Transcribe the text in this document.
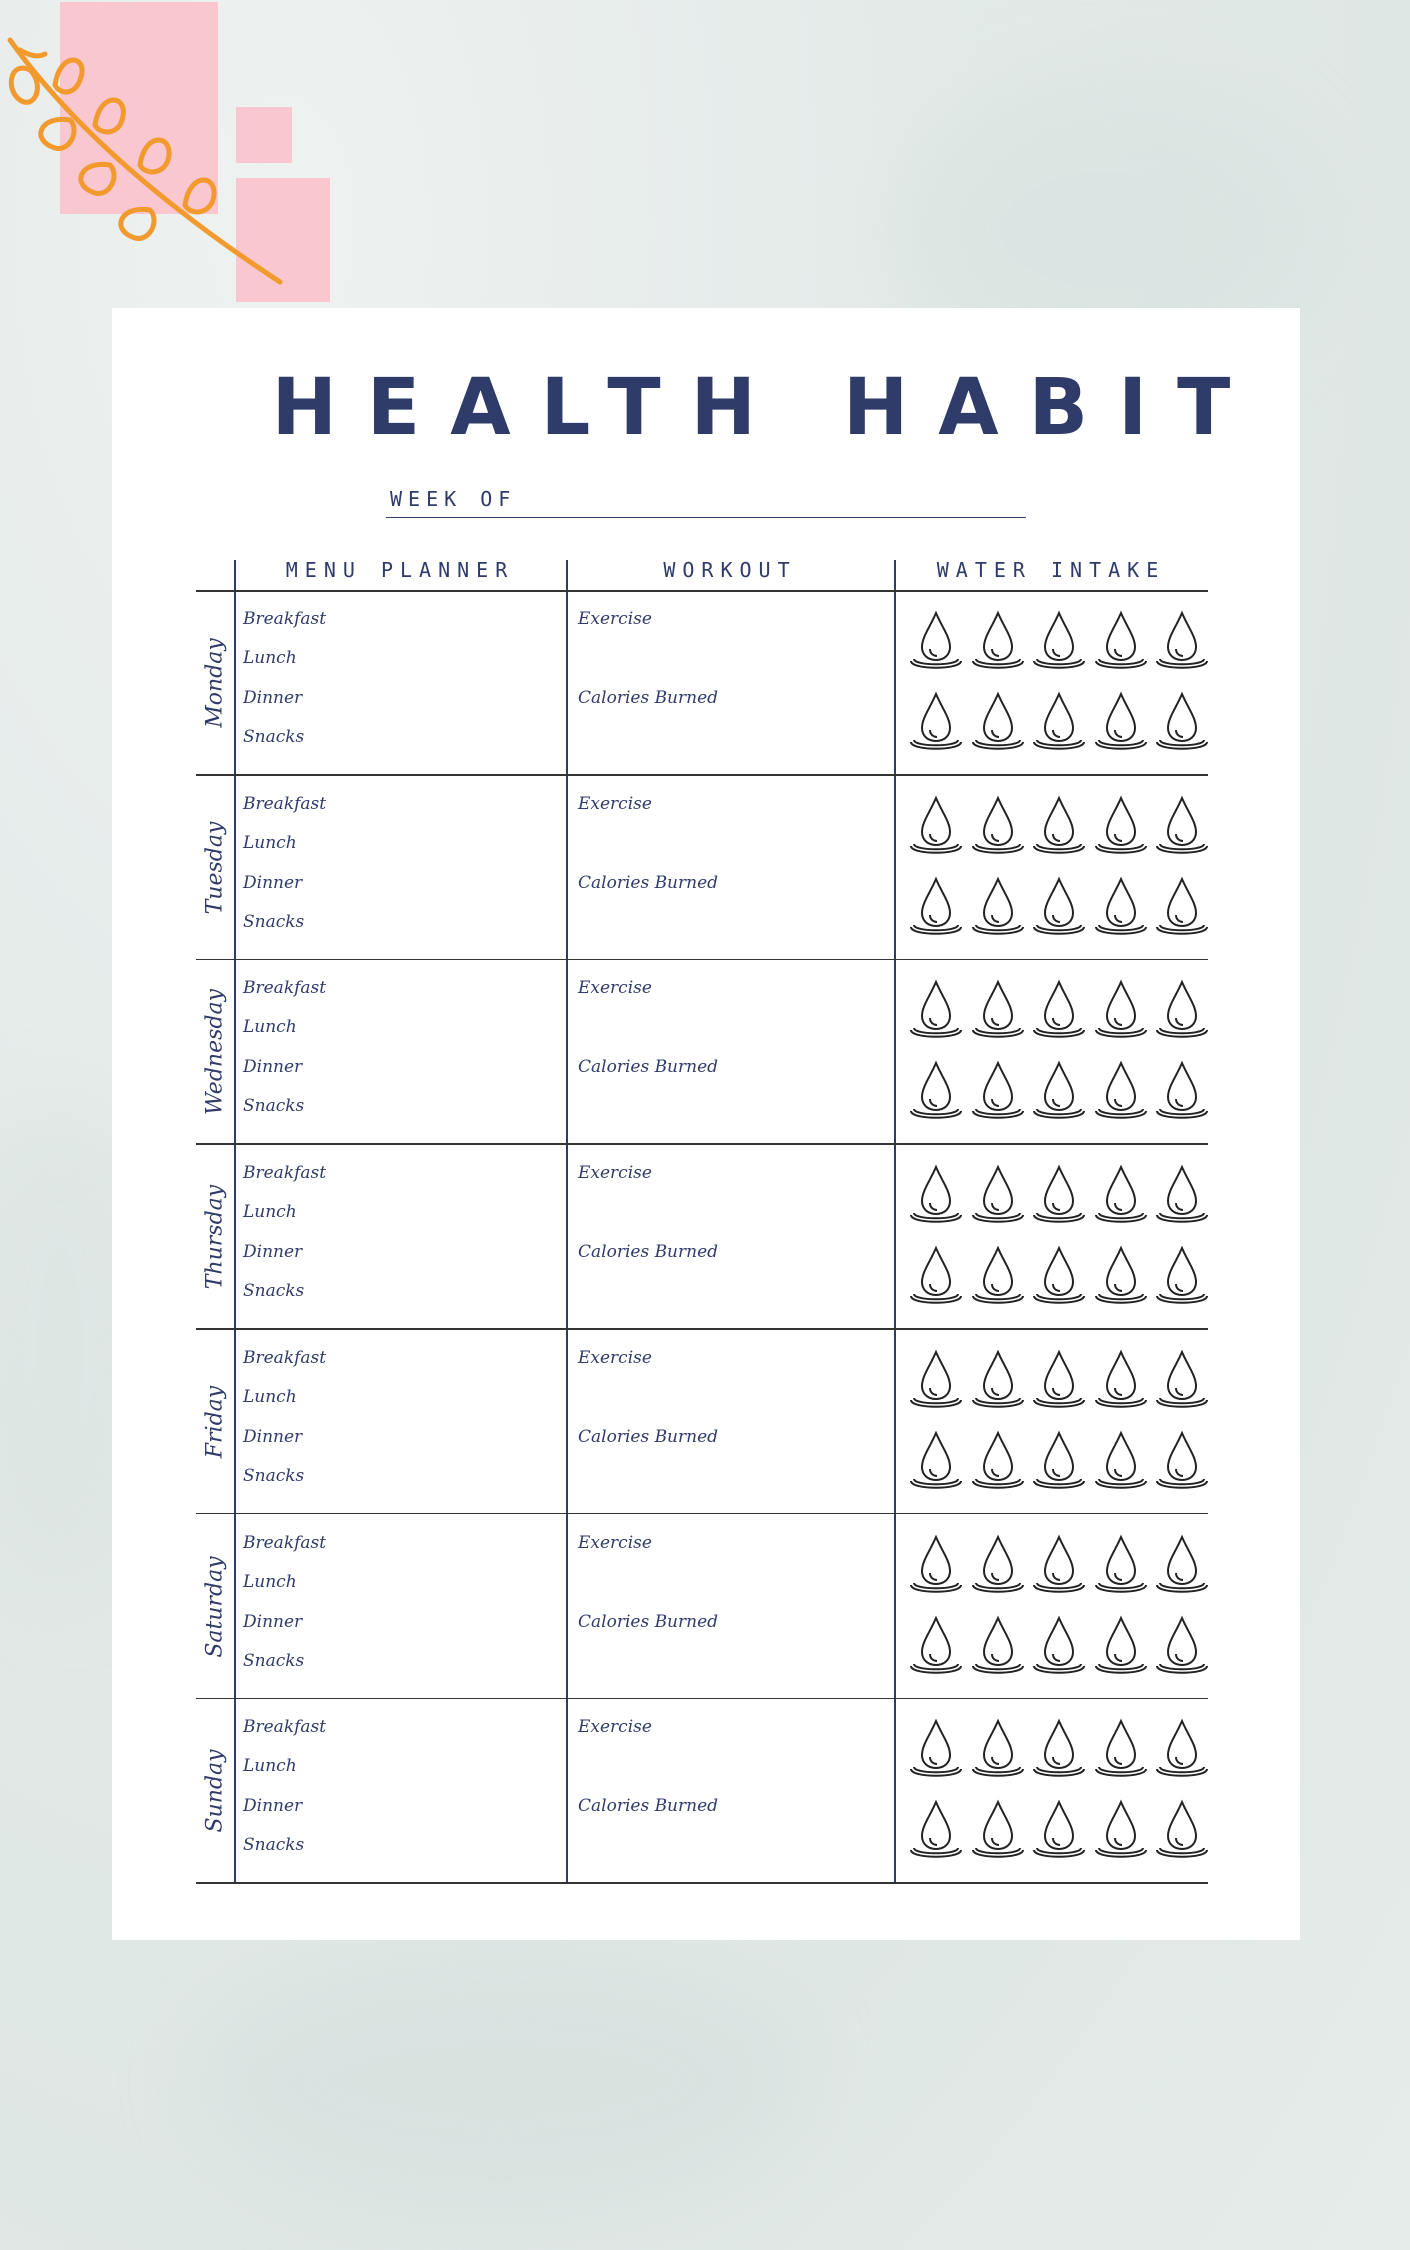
HEALTH HABIT
WEEK OF
MENU PLANNER	WORKOUT	WATER INTAKE
Monday
Breakfast
Lunch
Dinner
Snacks
Exercise
Calories Burned
Tuesday
Breakfast
Lunch
Dinner
Snacks
Exercise
Calories Burned
Wednesday
Breakfast
Lunch
Dinner
Snacks
Exercise
Calories Burned
Thursday
Breakfast
Lunch
Dinner
Snacks
Exercise
Calories Burned
Friday
Breakfast
Lunch
Dinner
Snacks
Exercise
Calories Burned
Saturday
Breakfast
Lunch
Dinner
Snacks
Exercise
Calories Burned
Sunday
Breakfast
Lunch
Dinner
Snacks
Exercise
Calories Burned
